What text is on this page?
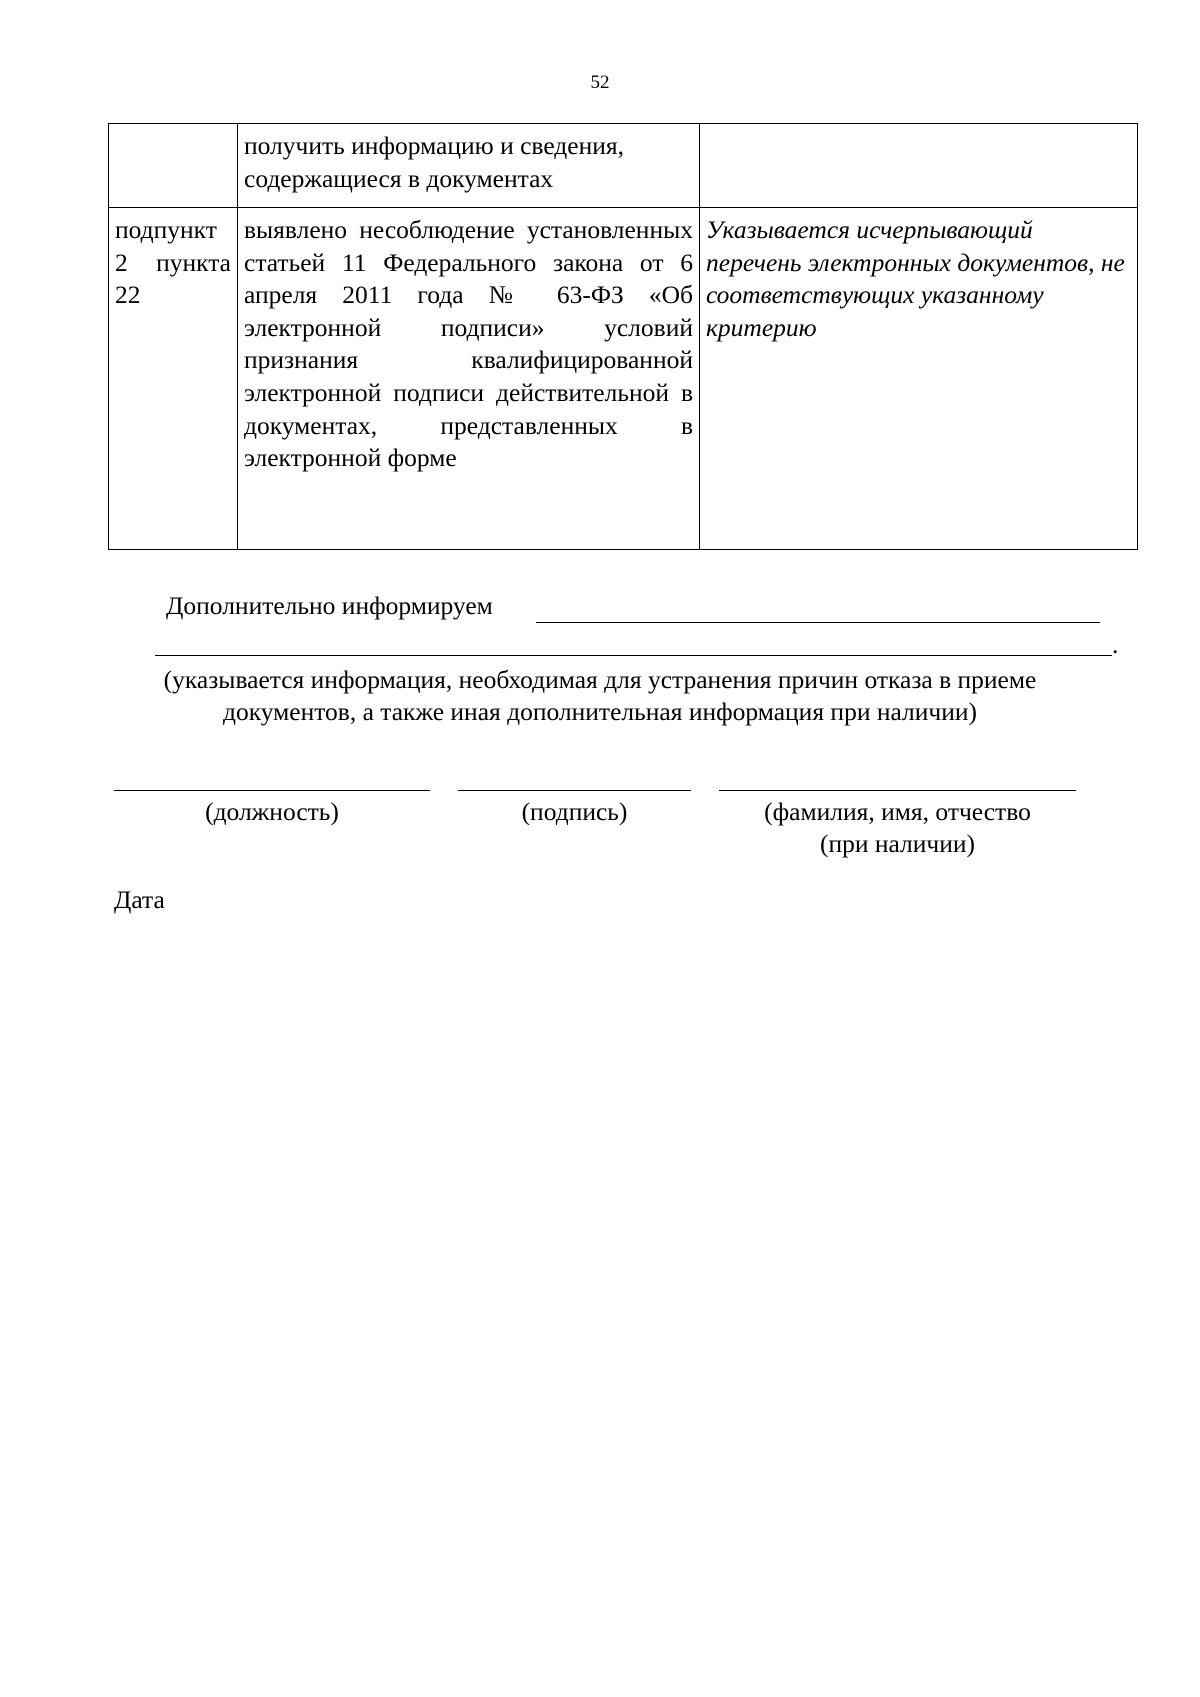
52
	получить информацию и сведения, содержащиеся в документах	
подпункт 2 пункта 22	выявлено несоблюдение установленных статьей 11 Федерального закона от 6 апреля 2011 года № 63-ФЗ «Об электронной подписи» условий признания квалифицированной электронной подписи действительной в документах, представленных в электронной форме	Указывается исчерпывающий перечень электронных документов, не соответствующих указанному критерию
Дополнительно информируем
.
(указывается информация, необходимая для устранения причин отказа в приеме
документов, а также иная дополнительная информация при наличии)
(должность)	(подпись)	(фамилия, имя, отчество
(при наличии)
Дата
